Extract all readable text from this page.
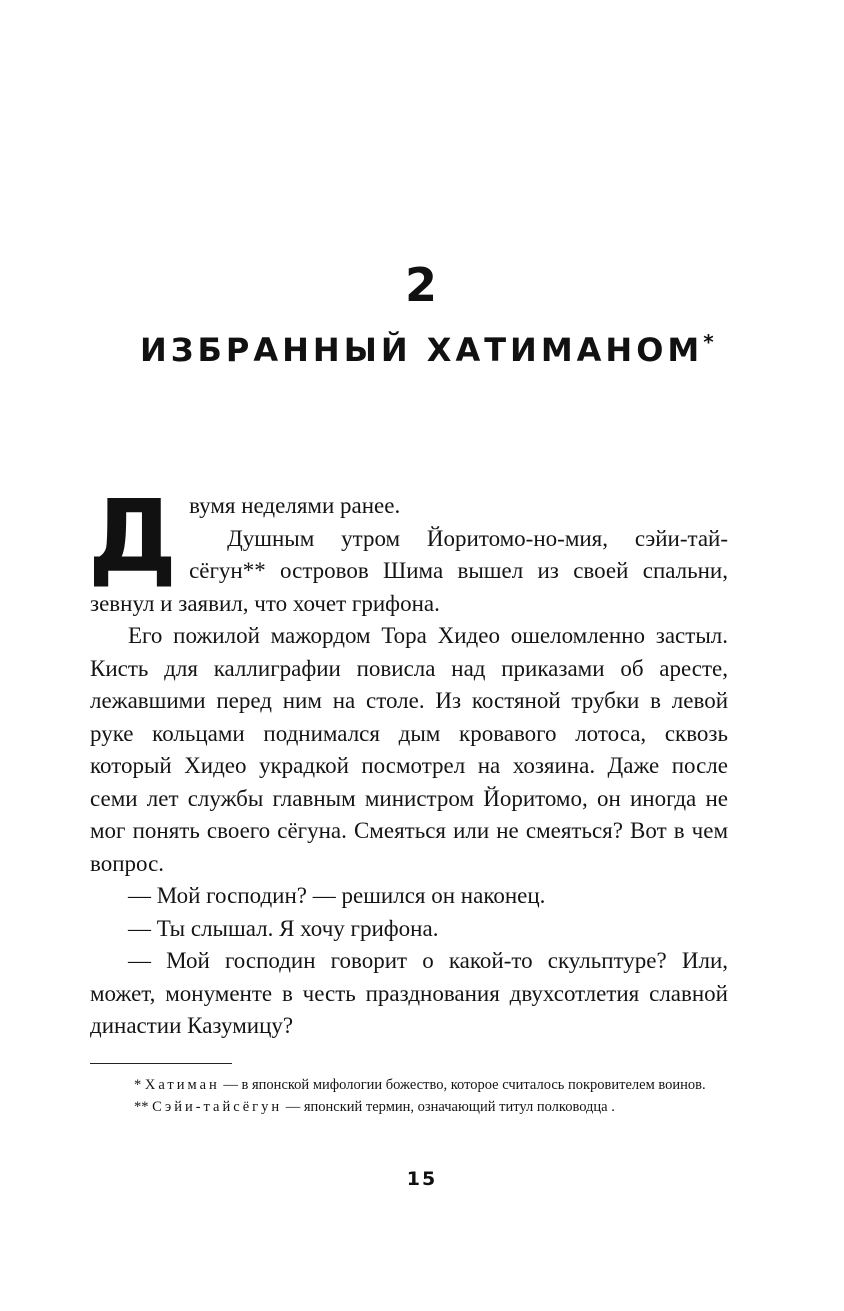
2
ИЗБРАННЫЙ ХАТИМАНОМ*

Двумя неделями ранее.

Душным утром Йоритомо-но-мия, сэйи-тай-сёгун** островов Шима вышел из своей спальни, зевнул и заявил, что хочет грифона.

Его пожилой мажордом Тора Хидео ошеломленно застыл. Кисть для каллиграфии повисла над приказами об аресте, лежавшими перед ним на столе. Из костяной трубки в левой руке кольцами поднимался дым кровавого лотоса, сквозь который Хидео украдкой посмотрел на хозяина. Даже после семи лет службы главным министром Йоритомо, он иногда не мог понять своего сёгуна. Смеяться или не смеяться? Вот в чем вопрос.

— Мой господин? — решился он наконец.

— Ты слышал. Я хочу грифона.

— Мой господин говорит о какой-то скульптуре? Или, может, монументе в честь празднования двухсотлетия славной династии Казумицу?

* Хатиман — в японской мифологии божество, которое считалось покровителем воинов.

** Сэйи-тайсёгун — японский термин, означающий титул полководца .

15
